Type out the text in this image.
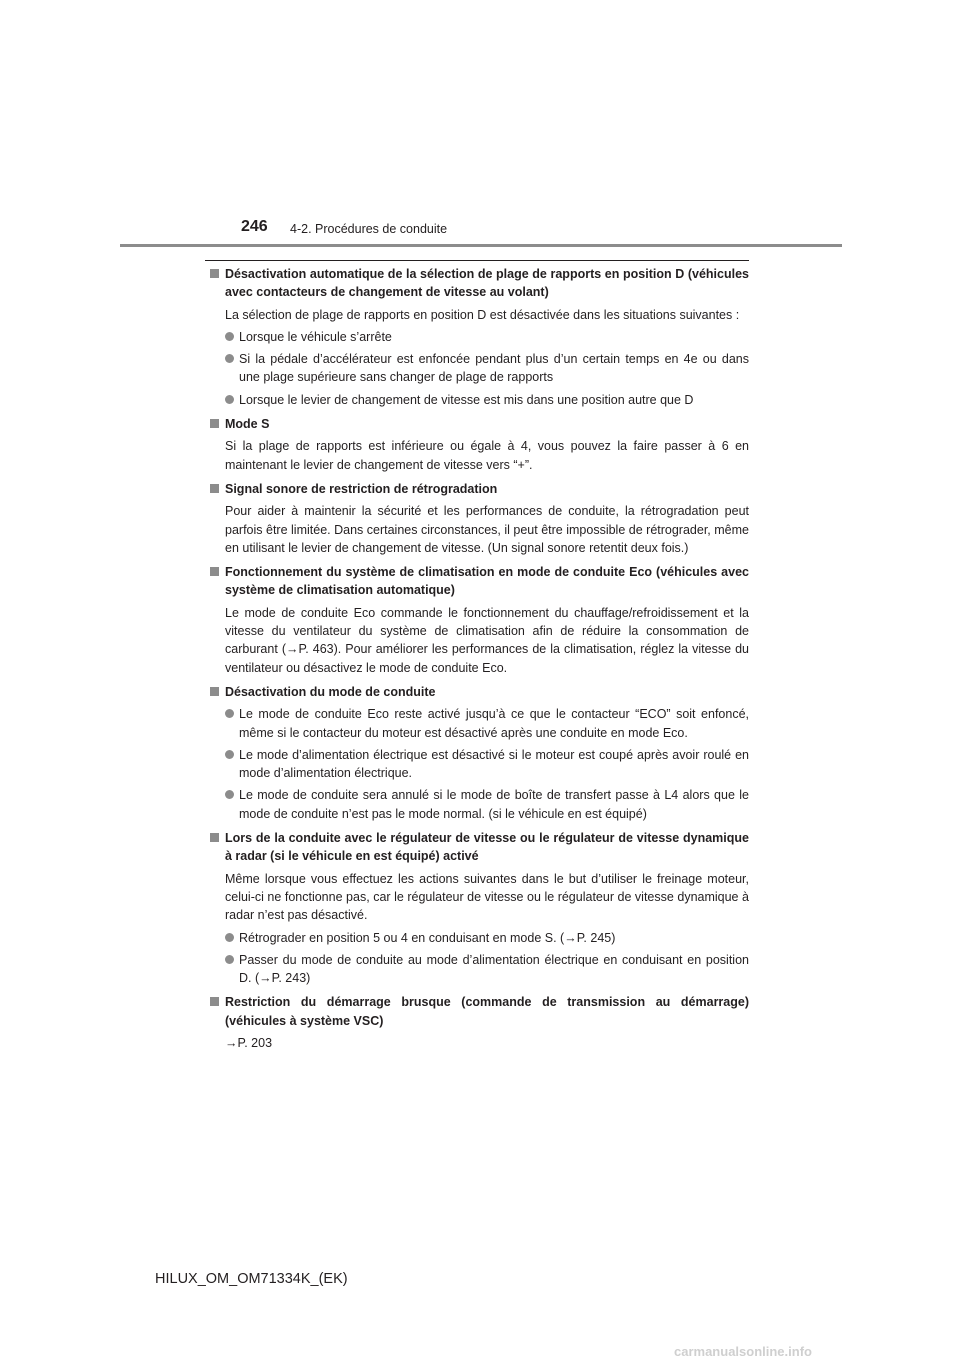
246 4-2. Procédures de conduite
Désactivation automatique de la sélection de plage de rapports en position D (véhicules avec contacteurs de changement de vitesse au volant)
La sélection de plage de rapports en position D est désactivée dans les situations suivantes :
Lorsque le véhicule s’arrête
Si la pédale d’accélérateur est enfoncée pendant plus d’un certain temps en 4e ou dans une plage supérieure sans changer de plage de rapports
Lorsque le levier de changement de vitesse est mis dans une position autre que D
Mode S
Si la plage de rapports est inférieure ou égale à 4, vous pouvez la faire passer à 6 en maintenant le levier de changement de vitesse vers “+”.
Signal sonore de restriction de rétrogradation
Pour aider à maintenir la sécurité et les performances de conduite, la rétrogradation peut parfois être limitée. Dans certaines circonstances, il peut être impossible de rétrograder, même en utilisant le levier de changement de vitesse. (Un signal sonore retentit deux fois.)
Fonctionnement du système de climatisation en mode de conduite Eco (véhicules avec système de climatisation automatique)
Le mode de conduite Eco commande le fonctionnement du chauffage/refroidissement et la vitesse du ventilateur du système de climatisation afin de réduire la consommation de carburant (→P. 463). Pour améliorer les performances de la climatisation, réglez la vitesse du ventilateur ou désactivez le mode de conduite Eco.
Désactivation du mode de conduite
Le mode de conduite Eco reste activé jusqu’à ce que le contacteur “ECO” soit enfoncé, même si le contacteur du moteur est désactivé après une conduite en mode Eco.
Le mode d’alimentation électrique est désactivé si le moteur est coupé après avoir roulé en mode d’alimentation électrique.
Le mode de conduite sera annulé si le mode de boîte de transfert passe à L4 alors que le mode de conduite n’est pas le mode normal. (si le véhicule en est équipé)
Lors de la conduite avec le régulateur de vitesse ou le régulateur de vitesse dynamique à radar (si le véhicule en est équipé) activé
Même lorsque vous effectuez les actions suivantes dans le but d’utiliser le freinage moteur, celui-ci ne fonctionne pas, car le régulateur de vitesse ou le régulateur de vitesse dynamique à radar n’est pas désactivé.
Rétrograder en position 5 ou 4 en conduisant en mode S. (→P. 245)
Passer du mode de conduite au mode d’alimentation électrique en conduisant en position D. (→P. 243)
Restriction du démarrage brusque (commande de transmission au démarrage) (véhicules à système VSC)
→P. 203
HILUX_OM_OM71334K_(EK)
carmanualsonline.info
